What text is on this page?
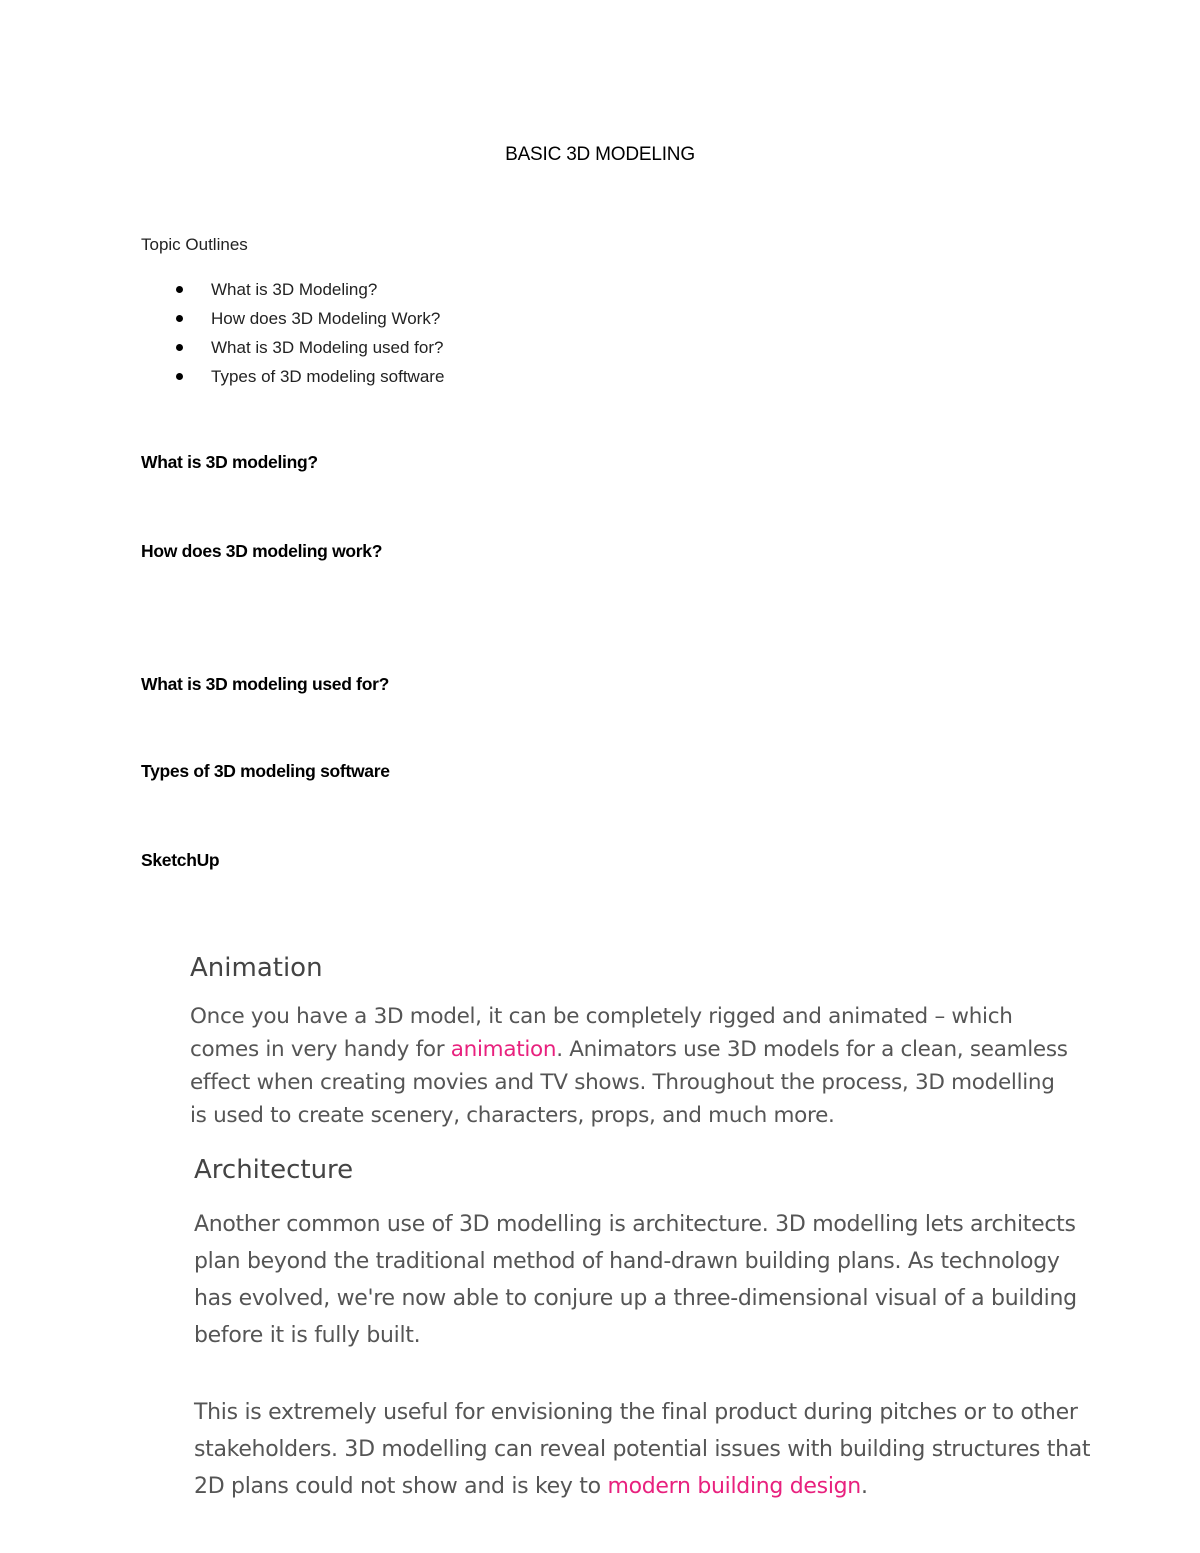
BASIC 3D MODELING
Topic Outlines
What is 3D Modeling?
How does 3D Modeling Work?
What is 3D Modeling used for?
Types of 3D modeling software
What is 3D modeling?
How does 3D modeling work?
What is 3D modeling used for?
Types of 3D modeling software
SketchUp
Animation

Once you have a 3D model, it can be completely rigged and animated – which comes in very handy for animation. Animators use 3D models for a clean, seamless effect when creating movies and TV shows. Throughout the process, 3D modelling is used to create scenery, characters, props, and much more.

Architecture

Another common use of 3D modelling is architecture. 3D modelling lets architects plan beyond the traditional method of hand-drawn building plans. As technology has evolved, we're now able to conjure up a three-dimensional visual of a building before it is fully built.

This is extremely useful for envisioning the final product during pitches or to other stakeholders. 3D modelling can reveal potential issues with building structures that 2D plans could not show and is key to modern building design.
